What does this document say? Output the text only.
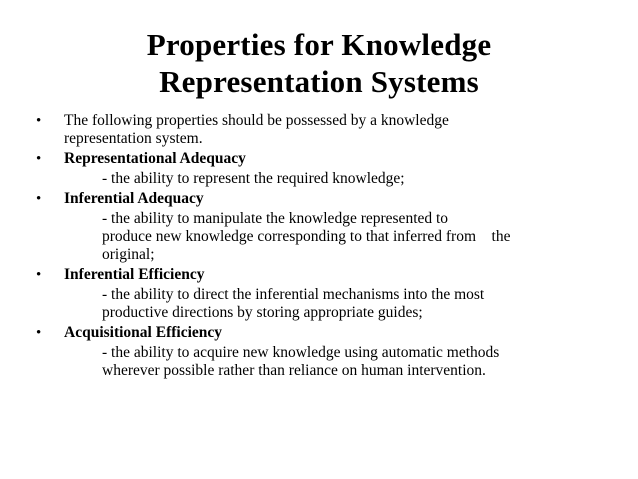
Properties for Knowledge
Representation Systems
• The following properties should be possessed by a knowledge
representation system.
• Representational Adequacy
- the ability to represent the required knowledge;
• Inferential Adequacy
- the ability to manipulate the knowledge represented to
produce new knowledge corresponding to that inferred from    the
original;
• Inferential Efficiency
- the ability to direct the inferential mechanisms into the most
productive directions by storing appropriate guides;
• Acquisitional Efficiency
- the ability to acquire new knowledge using automatic methods
wherever possible rather than reliance on human intervention.
